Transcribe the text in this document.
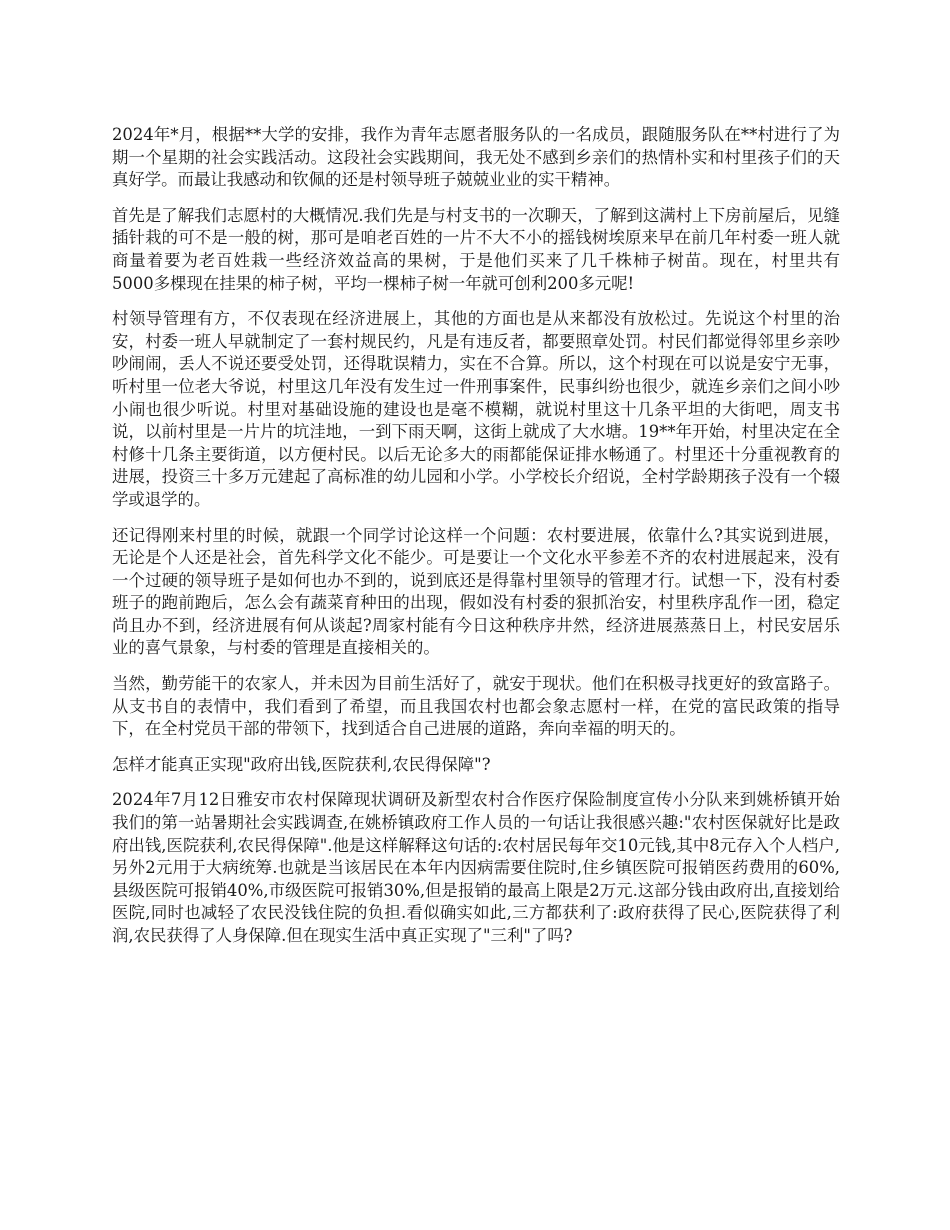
2024年*月，根据**大学的安排，我作为青年志愿者服务队的一名成员，跟随服务队在**村进行了为期一个星期的社会实践活动。这段社会实践期间，我无处不感到乡亲们的热情朴实和村里孩子们的天真好学。而最让我感动和钦佩的还是村领导班子兢兢业业的实干精神。

首先是了解我们志愿村的大概情况.我们先是与村支书的一次聊天，了解到这满村上下房前屋后，见缝插针栽的可不是一般的树，那可是咱老百姓的一片不大不小的摇钱树埃原来早在前几年村委一班人就商量着要为老百姓栽一些经济效益高的果树，于是他们买来了几千株柿子树苗。现在，村里共有5000多棵现在挂果的柿子树，平均一棵柿子树一年就可创利200多元呢!

村领导管理有方，不仅表现在经济进展上，其他的方面也是从来都没有放松过。先说这个村里的治安，村委一班人早就制定了一套村规民约，凡是有违反者，都要照章处罚。村民们都觉得邻里乡亲吵吵闹闹，丢人不说还要受处罚，还得耽误精力，实在不合算。所以，这个村现在可以说是安宁无事，听村里一位老大爷说，村里这几年没有发生过一件刑事案件，民事纠纷也很少，就连乡亲们之间小吵小闹也很少听说。村里对基础设施的建设也是毫不模糊，就说村里这十几条平坦的大街吧，周支书说，以前村里是一片片的坑洼地，一到下雨天啊，这街上就成了大水塘。19**年开始，村里决定在全村修十几条主要街道，以方便村民。以后无论多大的雨都能保证排水畅通了。村里还十分重视教育的进展，投资三十多万元建起了高标准的幼儿园和小学。小学校长介绍说，全村学龄期孩子没有一个辍学或退学的。

还记得刚来村里的时候，就跟一个同学讨论这样一个问题：农村要进展，依靠什么?其实说到进展，无论是个人还是社会，首先科学文化不能少。可是要让一个文化水平参差不齐的农村进展起来，没有一个过硬的领导班子是如何也办不到的，说到底还是得靠村里领导的管理才行。试想一下，没有村委班子的跑前跑后，怎么会有蔬菜育种田的出现，假如没有村委的狠抓治安，村里秩序乱作一团，稳定尚且办不到，经济进展有何从谈起?周家村能有今日这种秩序井然，经济进展蒸蒸日上，村民安居乐业的喜气景象，与村委的管理是直接相关的。

当然，勤劳能干的农家人，并未因为目前生活好了，就安于现状。他们在积极寻找更好的致富路子。从支书自的表情中，我们看到了希望，而且我国农村也都会象志愿村一样，在党的富民政策的指导下，在全村党员干部的带领下，找到适合自己进展的道路，奔向幸福的明天的。

怎样才能真正实现"政府出钱,医院获利,农民得保障"?

2024年7月12日雅安市农村保障现状调研及新型农村合作医疗保险制度宣传小分队来到姚桥镇开始我们的第一站暑期社会实践调查,在姚桥镇政府工作人员的一句话让我很感兴趣:"农村医保就好比是政府出钱,医院获利,农民得保障".他是这样解释这句话的:农村居民每年交10元钱,其中8元存入个人档户,另外2元用于大病统筹.也就是当该居民在本年内因病需要住院时,住乡镇医院可报销医药费用的60%,县级医院可报销40%,市级医院可报销30%,但是报销的最高上限是2万元.这部分钱由政府出,直接划给医院,同时也减轻了农民没钱住院的负担.看似确实如此,三方都获利了:政府获得了民心,医院获得了利润,农民获得了人身保障.但在现实生活中真正实现了"三利"了吗?
